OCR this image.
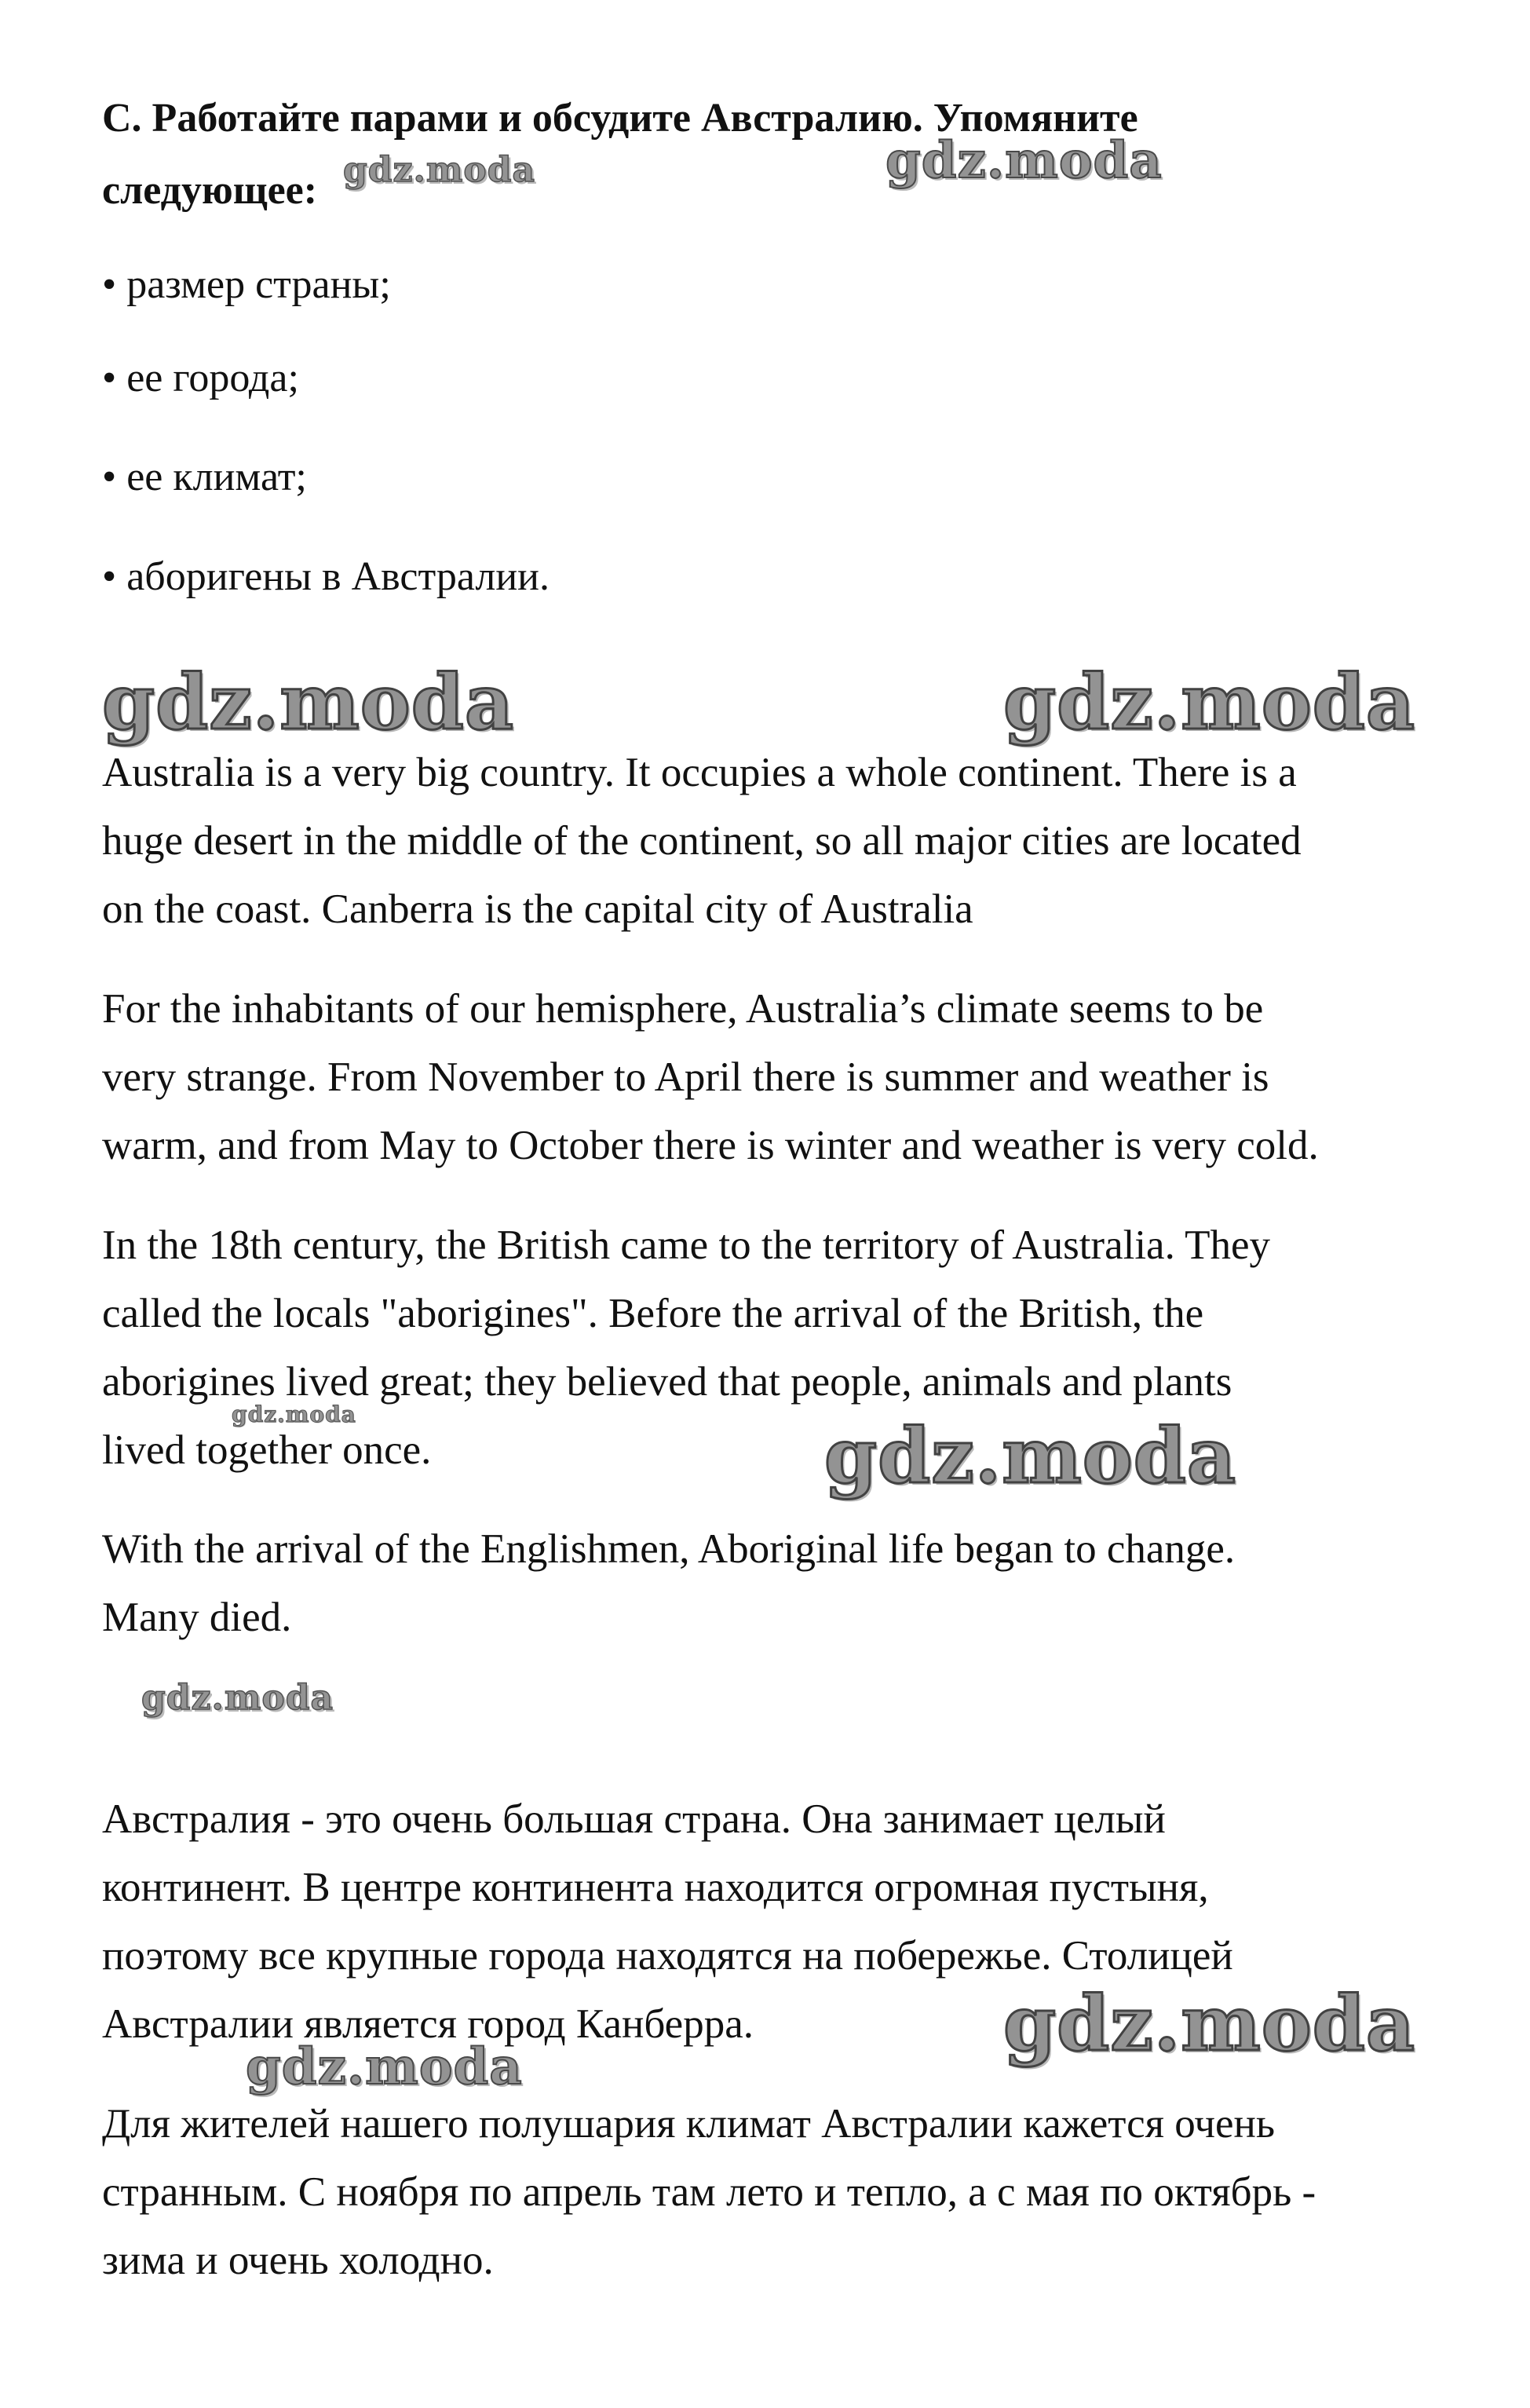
C. Работайте парами и обсудите Австралию. Упомяните
следующее:

• размер страны;

• ее города;

• ее климат;

• аборигены в Австралии.

Australia is a very big country. It occupies a whole continent. There is a
huge desert in the middle of the continent, so all major cities are located
on the coast. Canberra is the capital city of Australia

For the inhabitants of our hemisphere, Australia’s climate seems to be
very strange. From November to April there is summer and weather is
warm, and from May to October there is winter and weather is very cold.

In the 18th century, the British came to the territory of Australia. They
called the locals "aborigines". Before the arrival of the British, the
aborigines lived great; they believed that people, animals and plants
lived together once.

With the arrival of the Englishmen, Aboriginal life began to change.
Many died.

Австралия - это очень большая страна. Она занимает целый
континент. В центре континента находится огромная пустыня,
поэтому все крупные города находятся на побережье. Столицей
Австралии является город Канберра.

Для жителей нашего полушария климат Австралии кажется очень
странным. С ноября по апрель там лето и тепло, а с мая по октябрь -
зима и очень холодно.

gdz.moda	gdz.moda
gdz.moda	gdz.moda
gdz.moda	gdz.moda
gdz.moda
gdz.moda
gdz.moda
